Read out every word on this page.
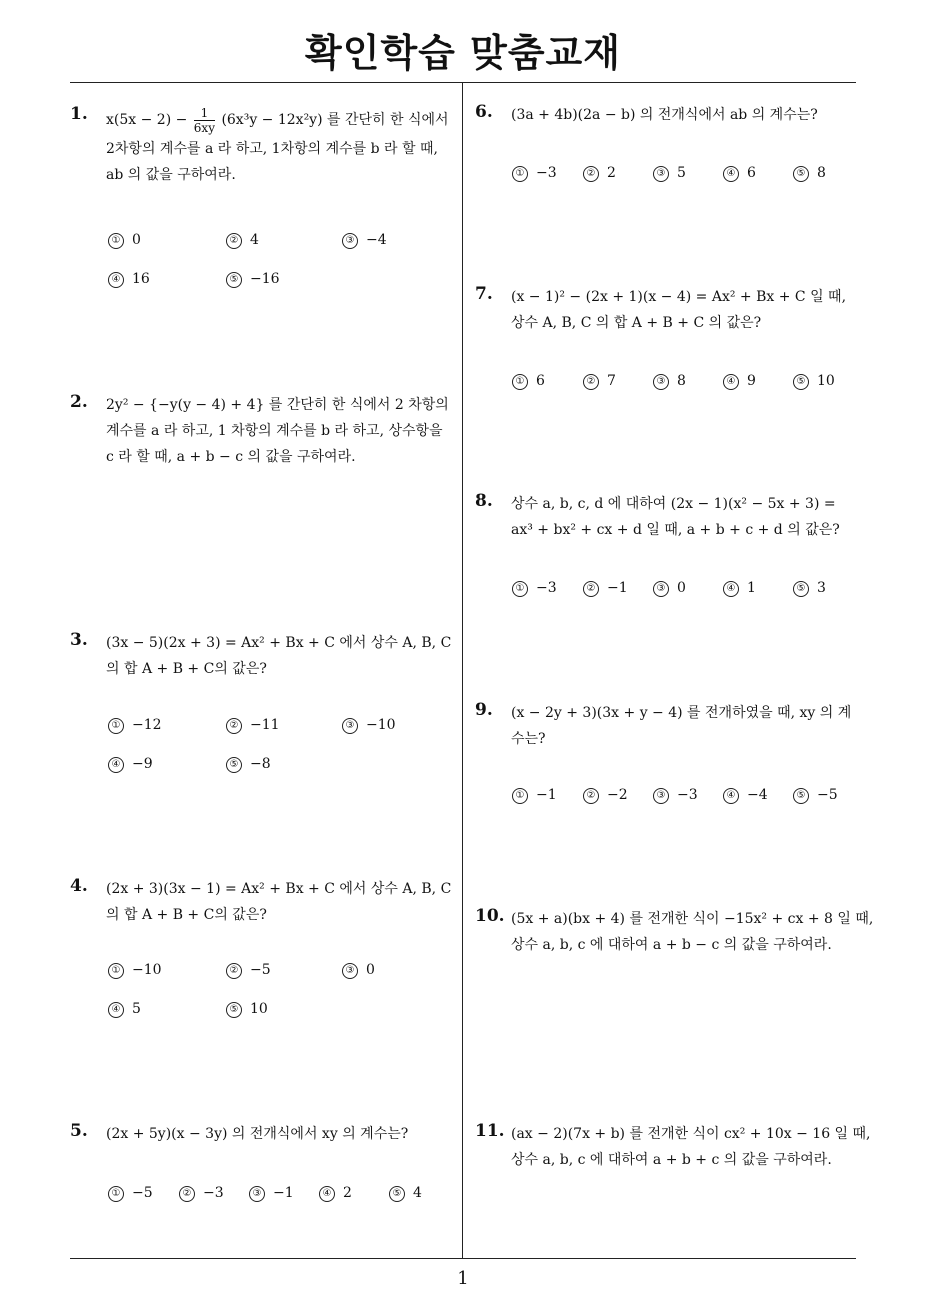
확인학습 맞춤교재
1
1. $x(5x - 2) - \frac{1}{6xy} (6x^3y - 12x^2y)$ 를 간단히 한 식에서
2차항의 계수를 a 라 하고, 1차항의 계수를 b 라 할 때,
ab 의 값을 구하여라.
① 0	② 4	③ −4
④ 16	⑤ −16
2. 2y² − {−y(y − 4) + 4} 를 간단히 한 식에서 2 차항의
계수를 a 라 하고, 1 차항의 계수를 b 라 하고, 상수항을
c 라 할 때, a + b − c 의 값을 구하여라.
3. (3x − 5)(2x + 3) = Ax² + Bx + C 에서 상수 A, B, C
의 합 A + B + C의 값은?
① −12	② −11	③ −10
④ −9	⑤ −8
4. (2x + 3)(3x − 1) = Ax² + Bx + C 에서 상수 A, B, C
의 합 A + B + C의 값은?
① −10	② −5	③ 0
④ 5	⑤ 10
5. (2x + 5y)(x − 3y) 의 전개식에서 xy 의 계수는?
① −5	② −3	③ −1	④ 2	⑤ 4
6. (3a + 4b)(2a − b) 의 전개식에서 ab 의 계수는?
① −3	② 2	③ 5	④ 6	⑤ 8
7. (x − 1)² − (2x + 1)(x − 4) = Ax² + Bx + C 일 때,
상수 A, B, C 의 합 A + B + C 의 값은?
① 6	② 7	③ 8	④ 9	⑤ 10
8. 상수 a, b, c, d 에 대하여 (2x − 1)(x² − 5x + 3) =
ax³ + bx² + cx + d 일 때, a + b + c + d 의 값은?
① −3	② −1	③ 0	④ 1	⑤ 3
9. (x − 2y + 3)(3x + y − 4) 를 전개하였을 때, xy 의 계
수는?
① −1	② −2	③ −3	④ −4	⑤ −5
10. (5x + a)(bx + 4) 를 전개한 식이 −15x² + cx + 8 일 때,
상수 a, b, c 에 대하여 a + b − c 의 값을 구하여라.
11. (ax − 2)(7x + b) 를 전개한 식이 cx² + 10x − 16 일 때,
상수 a, b, c 에 대하여 a + b + c 의 값을 구하여라.
